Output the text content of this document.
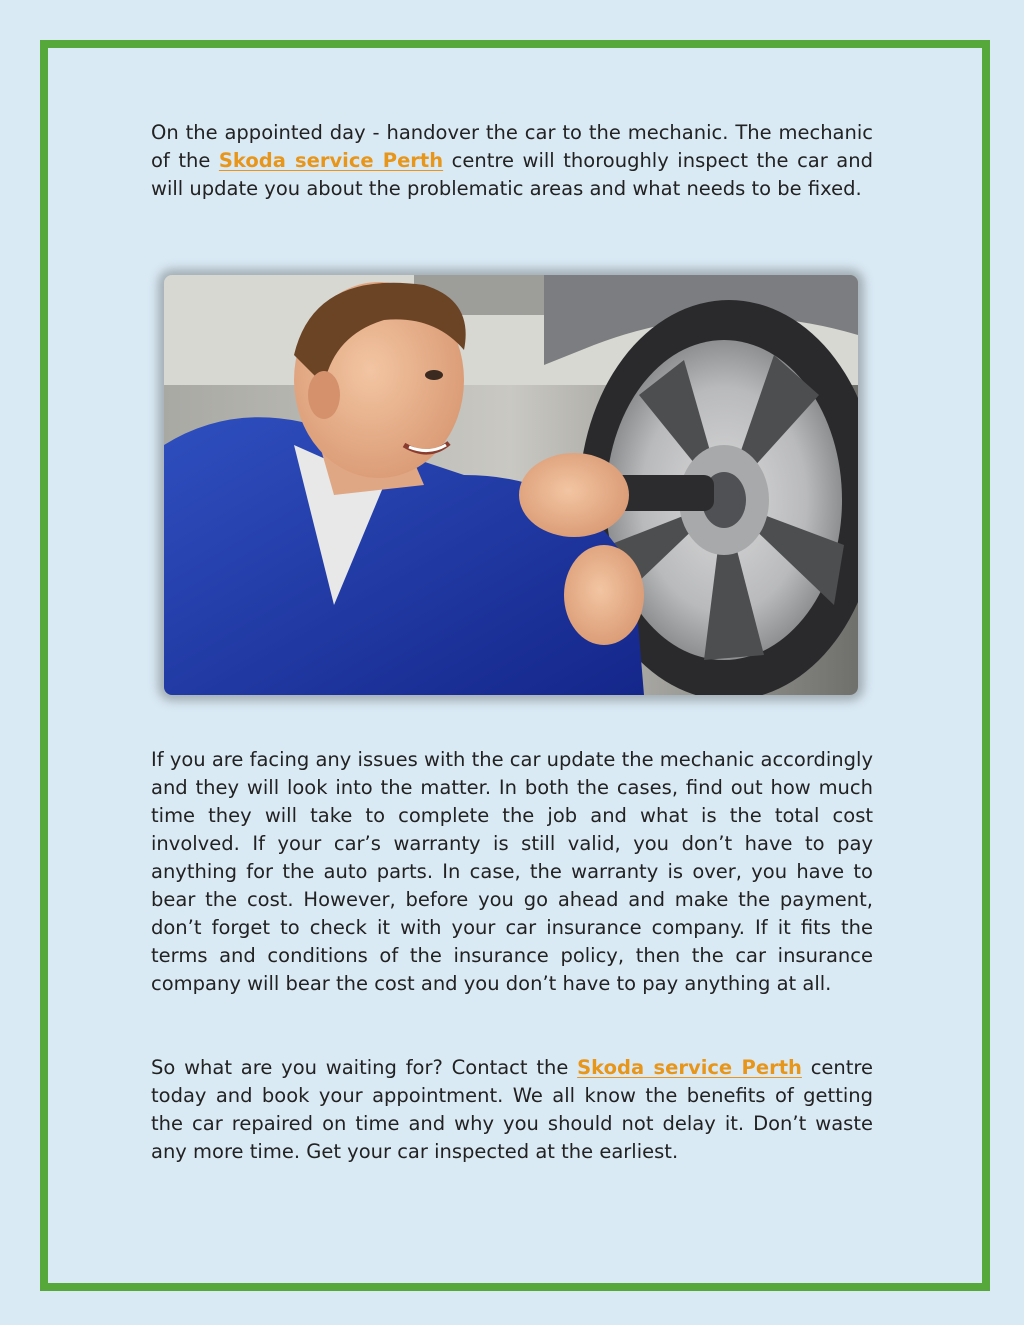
On the appointed day - handover the car to the mechanic. The mechanic of the Skoda service Perth centre will thoroughly inspect the car and will update you about the problematic areas and what needs to be fixed.

If you are facing any issues with the car update the mechanic accordingly and they will look into the matter. In both the cases, find out how much time they will take to complete the job and what is the total cost involved. If your car’s warranty is still valid, you don’t have to pay anything for the auto parts. In case, the warranty is over, you have to bear the cost. However, before you go ahead and make the payment, don’t forget to check it with your car insurance company. If it fits the terms and conditions of the insurance policy, then the car insurance company will bear the cost and you don’t have to pay anything at all.

So what are you waiting for? Contact the Skoda service Perth centre today and book your appointment. We all know the benefits of getting the car repaired on time and why you should not delay it. Don’t waste any more time. Get your car inspected at the earliest.
